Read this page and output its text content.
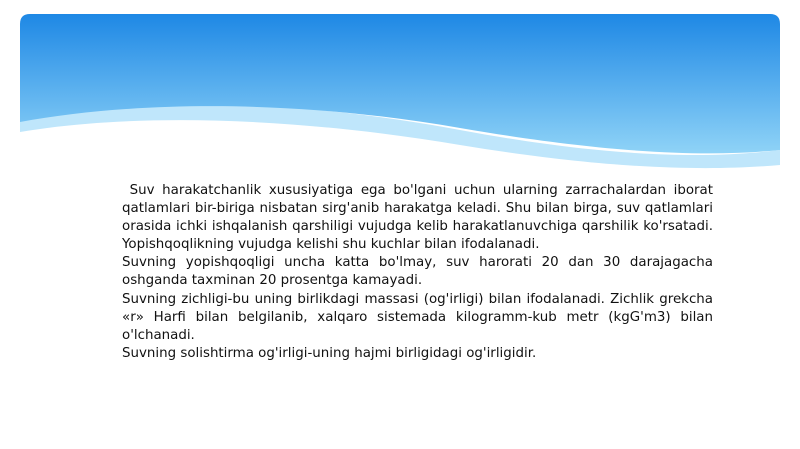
Suv harakatchanlik xususiyatiga ega bo'lgani uchun ularning zarrachalardan iborat qatlamlari bir-biriga nisbatan sirg'anib harakatga keladi. Shu bilan birga, suv qatlamlari orasida ichki ishqalanish qarshiligi vujudga kelib harakatlanuvchiga qarshilik ko'rsatadi. Yopishqoqlikning vujudga kelishi shu kuchlar bilan ifodalanadi.

Suvning yopishqoqligi uncha katta bo'lmay, suv harorati 20 dan 30 darajagacha oshganda taxminan 20 prosentga kamayadi.

Suvning zichligi-bu uning birlikdagi massasi (og'irligi) bilan ifodalanadi. Zichlik grekcha «r» Harfi bilan belgilanib, xalqaro sistemada kilogramm-kub metr (kgG'm3) bilan o'lchanadi.

Suvning solishtirma og'irligi-uning hajmi birligidagi og'irligidir.
